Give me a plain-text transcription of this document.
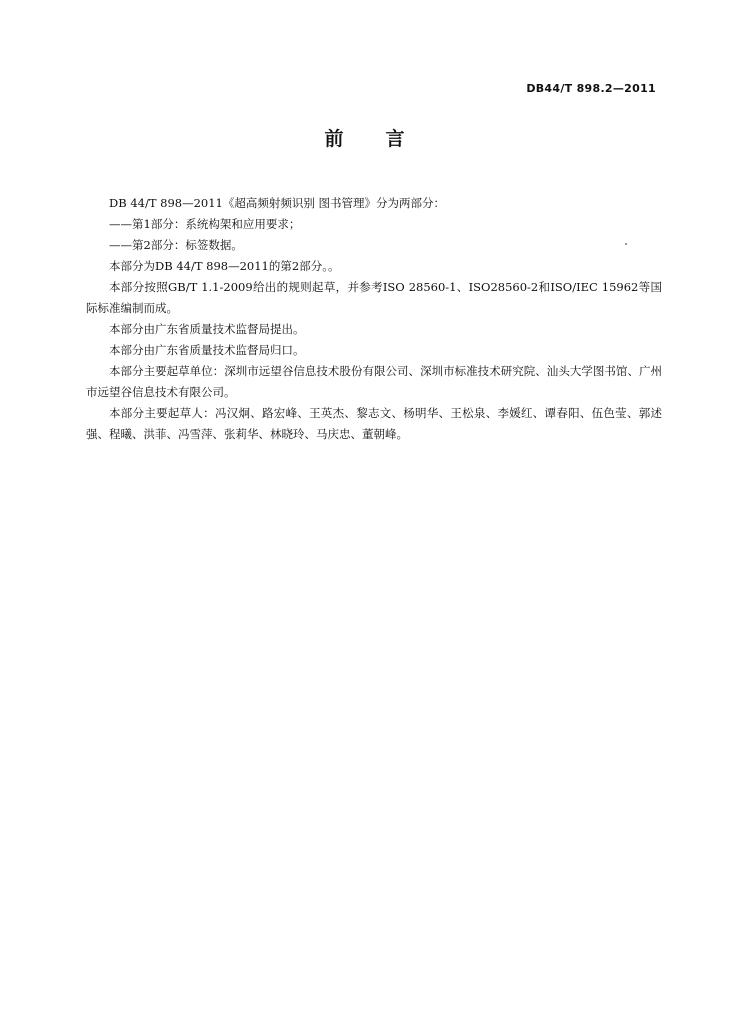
DB44/T 898.2—2011
前 言

DB 44/T 898—2011《超高频射频识别 图书管理》分为两部分：

——第1部分：系统构架和应用要求；

——第2部分：标签数据。

本部分为DB 44/T 898—2011的第2部分。。

本部分按照GB/T 1.1-2009给出的规则起草，并参考ISO 28560-1、ISO28560-2和ISO/IEC 15962等国际标准编制而成。

本部分由广东省质量技术监督局提出。

本部分由广东省质量技术监督局归口。

本部分主要起草单位：深圳市远望谷信息技术股份有限公司、深圳市标准技术研究院、汕头大学图书馆、广州市远望谷信息技术有限公司。

本部分主要起草人：冯汉炯、路宏峰、王英杰、黎志文、杨明华、王松泉、李媛红、谭春阳、伍色莹、郭述强、程曦、洪菲、冯雪萍、张莉华、林晓玲、马庆忠、董朝峰。
